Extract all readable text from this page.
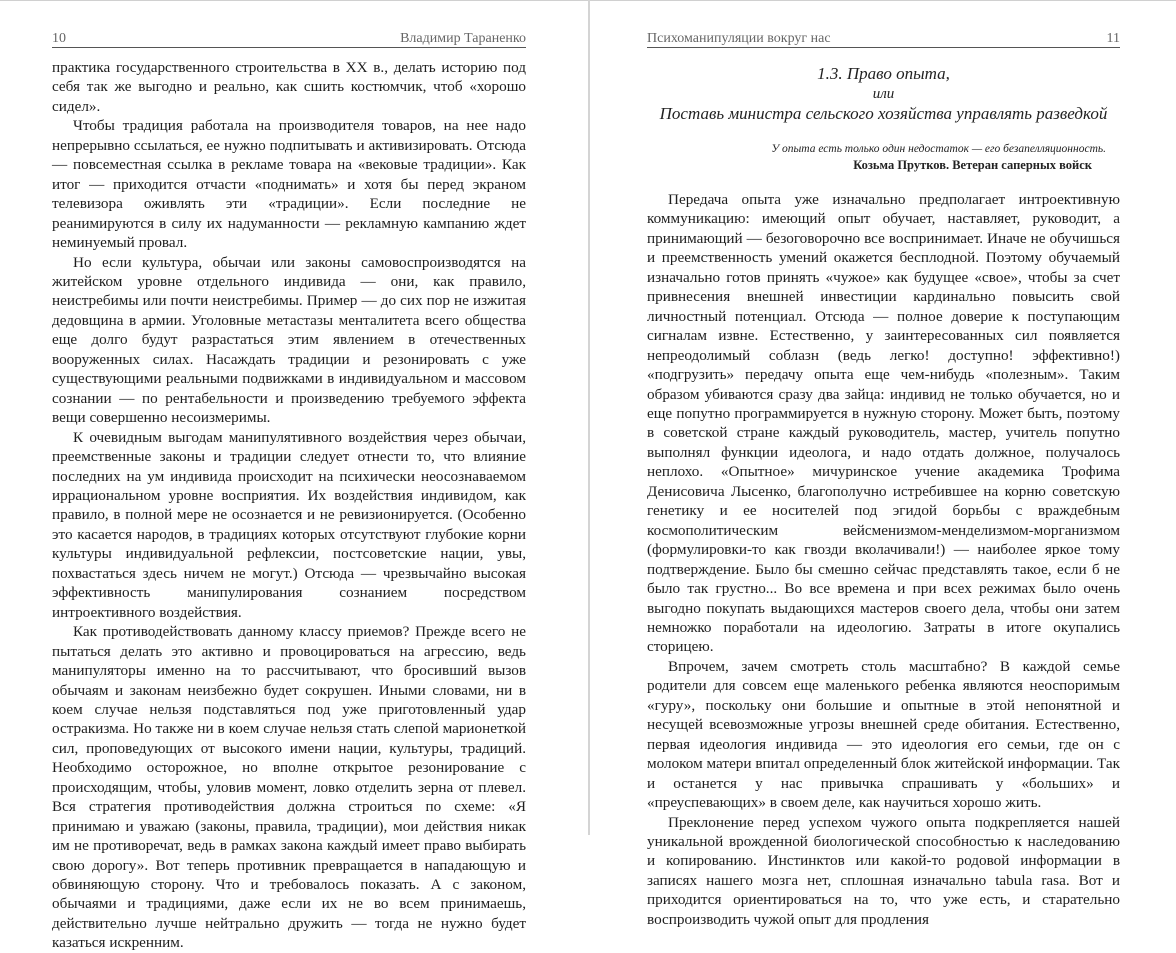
10	Владимир Тараненко

практика государственного строительства в XX в., делать историю под себя так же выгодно и реально, как сшить костюмчик, чтоб «хорошо сидел».

Чтобы традиция работала на производителя товаров, на нее надо непрерывно ссылаться, ее нужно подпитывать и активизировать. Отсюда — повсеместная ссылка в рекламе товара на «вековые традиции». Как итог — приходится отчасти «поднимать» и хотя бы перед экраном телевизора оживлять эти «традиции». Если последние не реанимируются в силу их надуманности — рекламную кампанию ждет неминуемый провал.

Но если культура, обычаи или законы самовоспроизводятся на житейском уровне отдельного индивида — они, как правило, неистребимы или почти неистребимы. Пример — до сих пор не изжитая дедовщина в армии. Уголовные метастазы менталитета всего общества еще долго будут разрастаться этим явлением в отечественных вооруженных силах. Насаждать традиции и резонировать с уже существующими реальными подвижками в индивидуальном и массовом сознании — по рентабельности и произведению требуемого эффекта вещи совершенно несоизмеримы.

К очевидным выгодам манипулятивного воздействия через обычаи, преемственные законы и традиции следует отнести то, что влияние последних на ум индивида происходит на психически неосознаваемом иррациональном уровне восприятия. Их воздействия индивидом, как правило, в полной мере не осознается и не ревизионируется. (Особенно это касается народов, в традициях которых отсутствуют глубокие корни культуры индивидуальной рефлексии, постсоветские нации, увы, похвастаться здесь ничем не могут.) Отсюда — чрезвычайно высокая эффективность манипулирования сознанием посредством интроективного воздействия.

Как противодействовать данному классу приемов? Прежде всего не пытаться делать это активно и провоцироваться на агрессию, ведь манипуляторы именно на то рассчитывают, что бросивший вызов обычаям и законам неизбежно будет сокрушен. Иными словами, ни в коем случае нельзя подставляться под уже приготовленный удар остракизма. Но также ни в коем случае нельзя стать слепой марионеткой сил, проповедующих от высокого имени нации, культуры, традиций. Необходимо осторожное, но вполне открытое резонирование с происходящим, чтобы, уловив момент, ловко отделить зерна от плевел. Вся стратегия противодействия должна строиться по схеме: «Я принимаю и уважаю (законы, правила, традиции), мои действия никак им не противоречат, ведь в рамках закона каждый имеет право выбирать свою дорогу». Вот теперь противник превращается в нападающую и обвиняющую сторону. Что и требовалось показать. А с законом, обычаями и традициями, даже если их не во всем принимаешь, действительно лучше нейтрально дружить — тогда не нужно будет казаться искренним.

Психоманипуляции вокруг нас	11
1.3. Право опыта,
или
Поставь министра сельского хозяйства управлять разведкой
У опыта есть только один недостаток — его безапелляционность.
Козьма Прутков. Ветеран саперных войск

Передача опыта уже изначально предполагает интроективную коммуникацию: имеющий опыт обучает, наставляет, руководит, а принимающий — безоговорочно все воспринимает. Иначе не обучишься и преемственность умений окажется бесплодной. Поэтому обучаемый изначально готов принять «чужое» как будущее «свое», чтобы за счет привнесения внешней инвестиции кардинально повысить свой личностный потенциал. Отсюда — полное доверие к поступающим сигналам извне. Естественно, у заинтересованных сил появляется непреодолимый соблазн (ведь легко! доступно! эффективно!) «подгрузить» передачу опыта еще чем-нибудь «полезным». Таким образом убиваются сразу два зайца: индивид не только обучается, но и еще попутно программируется в нужную сторону. Может быть, поэтому в советской стране каждый руководитель, мастер, учитель попутно выполнял функции идеолога, и надо отдать должное, получалось неплохо. «Опытное» мичуринское учение академика Трофима Денисовича Лысенко, благополучно истребившее на корню советскую генетику и ее носителей под эгидой борьбы с враждебным космополитическим вейсменизмом-менделизмом-морганизмом (формулировки-то как гвозди вколачивали!) — наиболее яркое тому подтверждение. Было бы смешно сейчас представлять такое, если б не было так грустно... Во все времена и при всех режимах было очень выгодно покупать выдающихся мастеров своего дела, чтобы они затем немножко поработали на идеологию. Затраты в итоге окупались сторицею.

Впрочем, зачем смотреть столь масштабно? В каждой семье родители для совсем еще маленького ребенка являются неоспоримым «гуру», поскольку они большие и опытные в этой непонятной и несущей всевозможные угрозы внешней среде обитания. Естественно, первая идеология индивида — это идеология его семьи, где он с молоком матери впитал определенный блок житейской информации. Так и останется у нас привычка спрашивать у «больших» и «преуспевающих» в своем деле, как научиться хорошо жить.

Преклонение перед успехом чужого опыта подкрепляется нашей уникальной врожденной биологической способностью к наследованию и копированию. Инстинктов или какой-то родовой информации в записях нашего мозга нет, сплошная изначально tabula rasa. Вот и приходится ориентироваться на то, что уже есть, и старательно воспроизводить чужой опыт для продления
